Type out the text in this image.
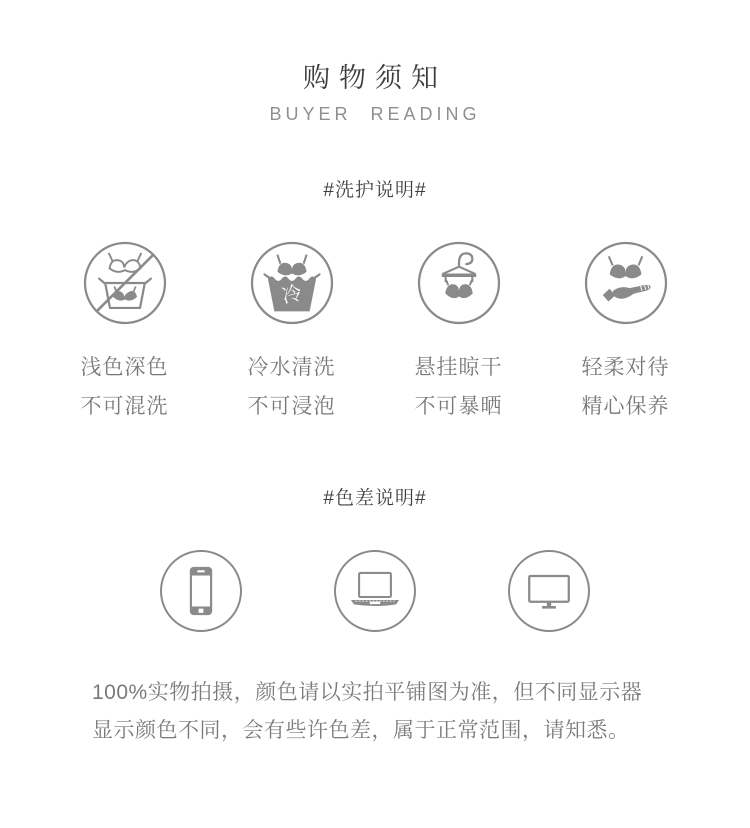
购物须知
BUYER READING
#洗护说明#
浅色深色
不可混洗
冷
冷水清洗
不可浸泡
悬挂晾干
不可暴晒
轻柔对待
精心保养
#色差说明#
100%实物拍摄，颜色请以实拍平铺图为准，但不同显示器
显示颜色不同，会有些许色差，属于正常范围，请知悉。
